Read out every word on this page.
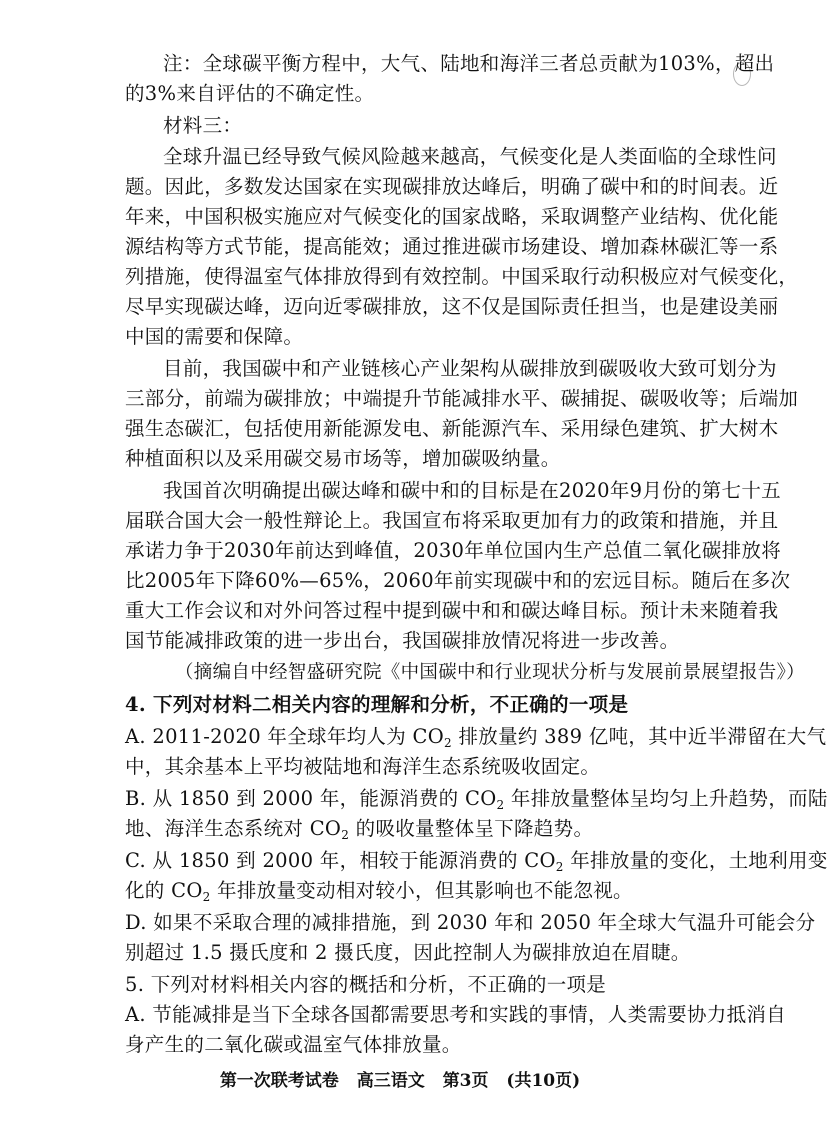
注：全球碳平衡方程中，大气、陆地和海洋三者总贡献为103%，超出
的3%来自评估的不确定性。
材料三：
全球升温已经导致气候风险越来越高，气候变化是人类面临的全球性问
题。因此，多数发达国家在实现碳排放达峰后，明确了碳中和的时间表。近
年来，中国积极实施应对气候变化的国家战略，采取调整产业结构、优化能
源结构等方式节能，提高能效；通过推进碳市场建设、增加森林碳汇等一系
列措施，使得温室气体排放得到有效控制。中国采取行动积极应对气候变化，
尽早实现碳达峰，迈向近零碳排放，这不仅是国际责任担当，也是建设美丽
中国的需要和保障。
目前，我国碳中和产业链核心产业架构从碳排放到碳吸收大致可划分为
三部分，前端为碳排放；中端提升节能减排水平、碳捕捉、碳吸收等；后端加
强生态碳汇，包括使用新能源发电、新能源汽车、采用绿色建筑、扩大树木
种植面积以及采用碳交易市场等，增加碳吸纳量。
我国首次明确提出碳达峰和碳中和的目标是在2020年9月份的第七十五
届联合国大会一般性辩论上。我国宣布将采取更加有力的政策和措施，并且
承诺力争于2030年前达到峰值，2030年单位国内生产总值二氧化碳排放将
比2005年下降60%—65%，2060年前实现碳中和的宏远目标。随后在多次
重大工作会议和对外问答过程中提到碳中和和碳达峰目标。预计未来随着我
国节能减排政策的进一步出台，我国碳排放情况将进一步改善。
（摘编自中经智盛研究院《中国碳中和行业现状分析与发展前景展望报告》）
4. 下列对材料二相关内容的理解和分析，不正确的一项是
A. 2011-2020 年全球年均人为 $CO_2$ 排放量约 389 亿吨，其中近半滞留在大气
中，其余基本上平均被陆地和海洋生态系统吸收固定。
B. 从 1850 到 2000 年，能源消费的 $CO_2$ 年排放量整体呈均匀上升趋势，而陆
地、海洋生态系统对 $CO_2$ 的吸收量整体呈下降趋势。
C. 从 1850 到 2000 年，相较于能源消费的 $CO_2$ 年排放量的变化，土地利用变
化的 $CO_2$ 年排放量变动相对较小，但其影响也不能忽视。
D. 如果不采取合理的减排措施，到 2030 年和 2050 年全球大气温升可能会分
别超过 1.5 摄氏度和 2 摄氏度，因此控制人为碳排放迫在眉睫。
5. 下列对材料相关内容的概括和分析，不正确的一项是
A. 节能减排是当下全球各国都需要思考和实践的事情，人类需要协力抵消自
身产生的二氧化碳或温室气体排放量。
第一次联考试卷 高三语文 第3页 (共10页)
